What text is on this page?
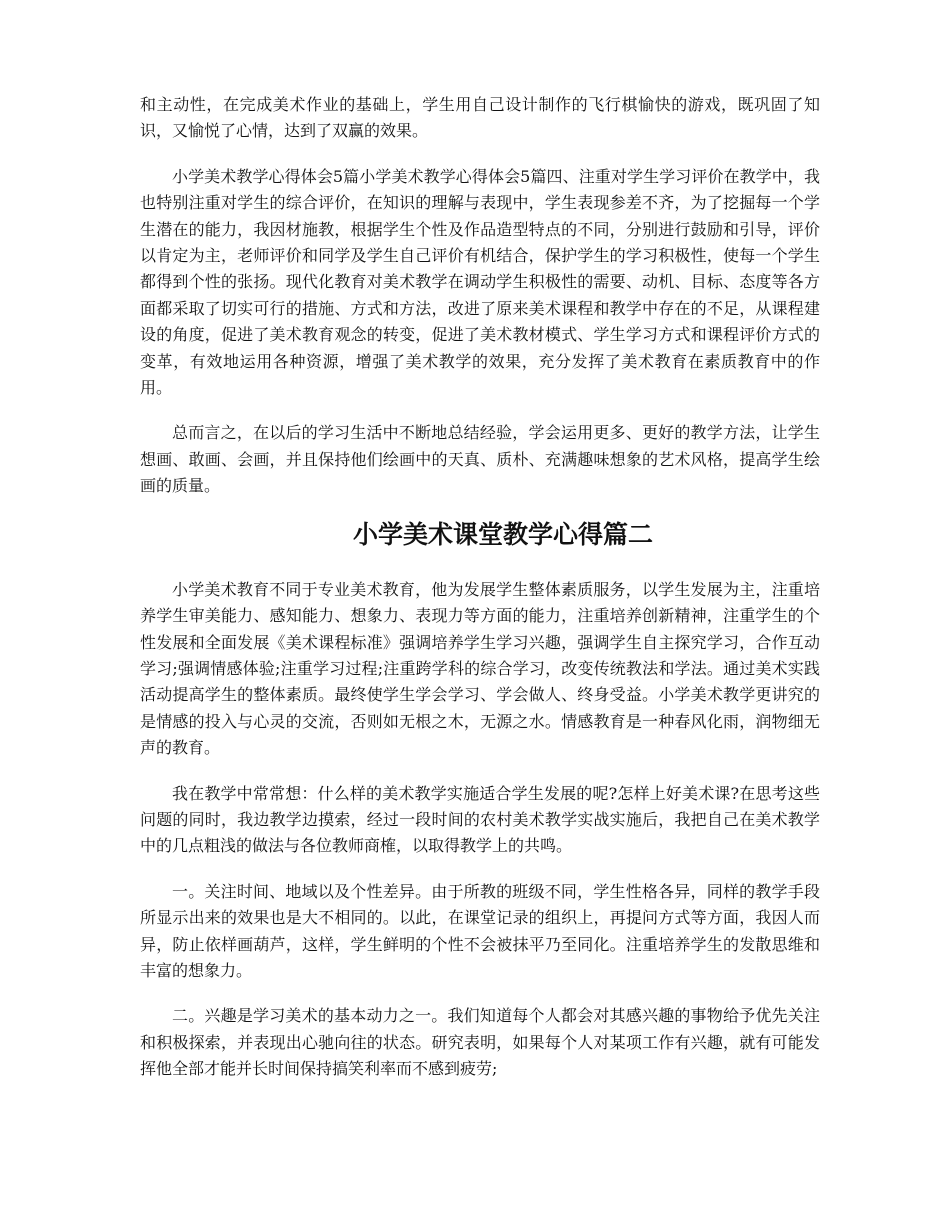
和主动性，在完成美术作业的基础上，学生用自己设计制作的飞行棋愉快的游戏，既巩固了知识，又愉悦了心情，达到了双赢的效果。

小学美术教学心得体会5篇小学美术教学心得体会5篇四、注重对学生学习评价在教学中，我也特别注重对学生的综合评价，在知识的理解与表现中，学生表现参差不齐，为了挖掘每一个学生潜在的能力，我因材施教，根据学生个性及作品造型特点的不同，分别进行鼓励和引导，评价以肯定为主，老师评价和同学及学生自己评价有机结合，保护学生的学习积极性，使每一个学生都得到个性的张扬。现代化教育对美术教学在调动学生积极性的需要、动机、目标、态度等各方面都采取了切实可行的措施、方式和方法，改进了原来美术课程和教学中存在的不足，从课程建设的角度，促进了美术教育观念的转变，促进了美术教材模式、学生学习方式和课程评价方式的变革，有效地运用各种资源，增强了美术教学的效果，充分发挥了美术教育在素质教育中的作用。

总而言之，在以后的学习生活中不断地总结经验，学会运用更多、更好的教学方法，让学生想画、敢画、会画，并且保持他们绘画中的天真、质朴、充满趣味想象的艺术风格，提高学生绘画的质量。

小学美术课堂教学心得篇二

小学美术教育不同于专业美术教育，他为发展学生整体素质服务，以学生发展为主，注重培养学生审美能力、感知能力、想象力、表现力等方面的能力，注重培养创新精神，注重学生的个性发展和全面发展《美术课程标准》强调培养学生学习兴趣，强调学生自主探究学习，合作互动学习;强调情感体验;注重学习过程;注重跨学科的综合学习，改变传统教法和学法。通过美术实践活动提高学生的整体素质。最终使学生学会学习、学会做人、终身受益。小学美术教学更讲究的是情感的投入与心灵的交流，否则如无根之木，无源之水。情感教育是一种春风化雨，润物细无声的教育。

我在教学中常常想：什么样的美术教学实施适合学生发展的呢?怎样上好美术课?在思考这些问题的同时，我边教学边摸索，经过一段时间的农村美术教学实战实施后，我把自己在美术教学中的几点粗浅的做法与各位教师商榷，以取得教学上的共鸣。

一。关注时间、地域以及个性差异。由于所教的班级不同，学生性格各异，同样的教学手段所显示出来的效果也是大不相同的。以此，在课堂记录的组织上，再提问方式等方面，我因人而异，防止依样画葫芦，这样，学生鲜明的个性不会被抹平乃至同化。注重培养学生的发散思维和丰富的想象力。

二。兴趣是学习美术的基本动力之一。我们知道每个人都会对其感兴趣的事物给予优先关注和积极探索，并表现出心驰向往的状态。研究表明，如果每个人对某项工作有兴趣，就有可能发挥他全部才能并长时间保持搞笑利率而不感到疲劳;
